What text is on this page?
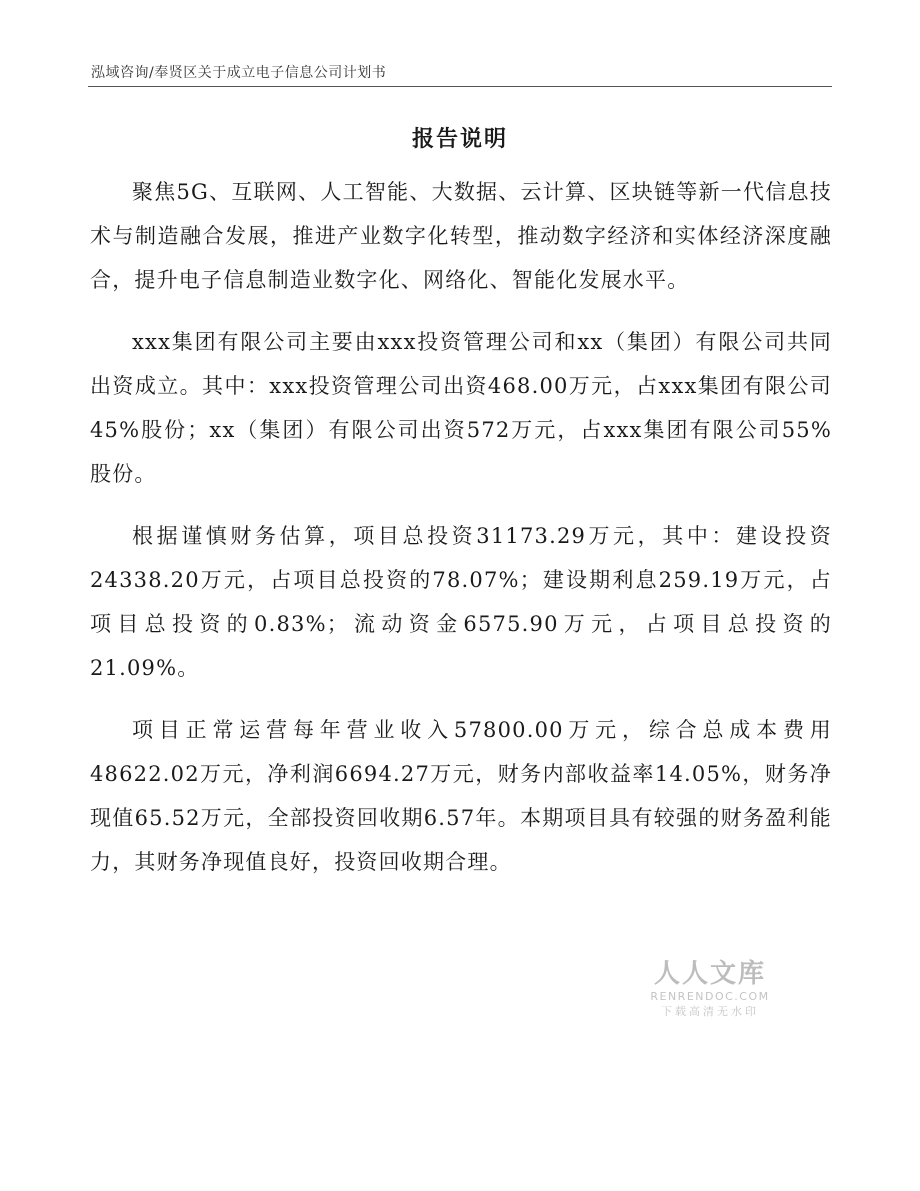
泓域咨询/奉贤区关于成立电子信息公司计划书
报告说明

聚焦5G、互联网、人工智能、大数据、云计算、区块链等新一代信息技术与制造融合发展，推进产业数字化转型，推动数字经济和实体经济深度融合，提升电子信息制造业数字化、网络化、智能化发展水平。

xxx集团有限公司主要由xxx投资管理公司和xx（集团）有限公司共同出资成立。其中：xxx投资管理公司出资468.00万元，占xxx集团有限公司45%股份；xx（集团）有限公司出资572万元，占xxx集团有限公司55%股份。

根据谨慎财务估算，项目总投资31173.29万元，其中：建设投资24338.20万元，占项目总投资的78.07%；建设期利息259.19万元，占项目总投资的0.83%；流动资金6575.90万元，占项目总投资的21.09%。

项目正常运营每年营业收入57800.00万元，综合总成本费用48622.02万元，净利润6694.27万元，财务内部收益率14.05%，财务净现值65.52万元，全部投资回收期6.57年。本期项目具有较强的财务盈利能力，其财务净现值良好，投资回收期合理。

人人文库
RENRENDOC.COM
下载高清无水印
